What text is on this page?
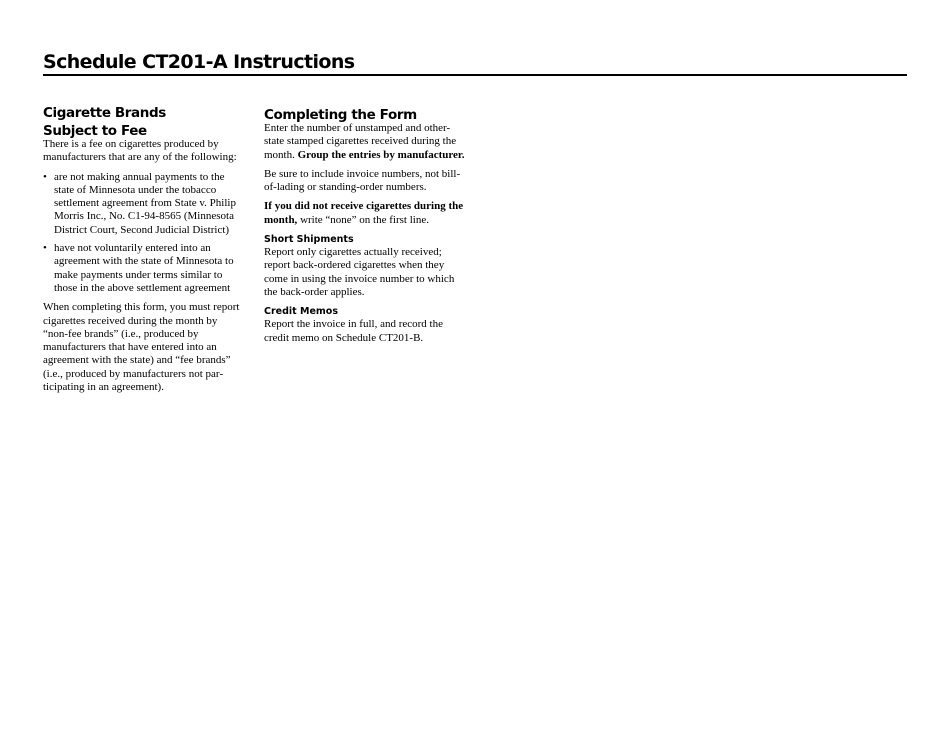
Schedule CT201-A Instructions
Cigarette Brands
Subject to Fee

There is a fee on cigarettes produced by manufacturers that are any of the following:

• are not making annual payments to the state of Minnesota under the tobacco settlement agreement from State v. Philip Morris Inc., No. C1-94-8565 (Minnesota District Court, Second Judicial District)
• have not voluntarily entered into an agreement with the state of Minnesota to make payments under terms similar to those in the above settlement agreement

When completing this form, you must report cigarettes received during the month by “non-fee brands” (i.e., produced by manufacturers that have entered into an agreement with the state) and “fee brands” (i.e., produced by manufacturers not participating in an agreement).

Completing the Form

Enter the number of unstamped and other-state stamped cigarettes received during the month. Group the entries by manufacturer.

Be sure to include invoice numbers, not bill-of-lading or standing-order numbers.

If you did not receive cigarettes during the month, write “none” on the first line.

Short Shipments

Report only cigarettes actually received; report back-ordered cigarettes when they come in using the invoice number to which the back-order applies.

Credit Memos

Report the invoice in full, and record the credit memo on Schedule CT201-B.
